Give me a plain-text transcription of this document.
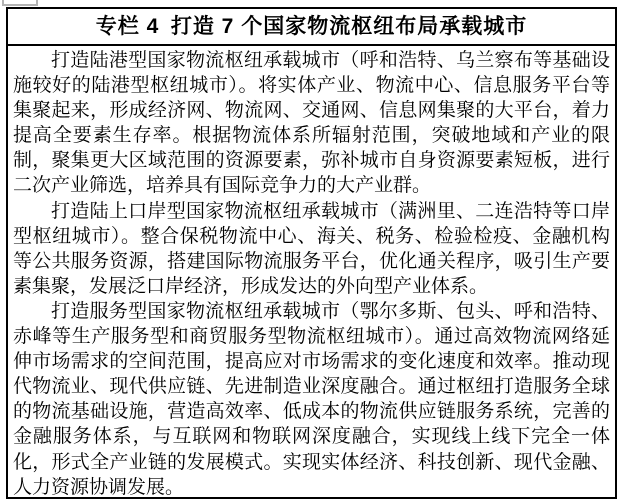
专栏 4 打造 7 个国家物流枢纽布局承载城市

打造陆港型国家物流枢纽承载城市（呼和浩特、乌兰察布等基础设施较好的陆港型枢纽城市）。将实体产业、物流中心、信息服务平台等集聚起来，形成经济网、物流网、交通网、信息网集聚的大平台，着力提高全要素生存率。根据物流体系所辐射范围，突破地域和产业的限制，聚集更大区域范围的资源要素，弥补城市自身资源要素短板，进行二次产业筛选，培养具有国际竞争力的大产业群。

打造陆上口岸型国家物流枢纽承载城市（满洲里、二连浩特等口岸型枢纽城市）。整合保税物流中心、海关、税务、检验检疫、金融机构等公共服务资源，搭建国际物流服务平台，优化通关程序，吸引生产要素集聚，发展泛口岸经济，形成发达的外向型产业体系。

打造服务型国家物流枢纽承载城市（鄂尔多斯、包头、呼和浩特、赤峰等生产服务型和商贸服务型物流枢纽城市）。通过高效物流网络延伸市场需求的空间范围，提高应对市场需求的变化速度和效率。推动现代物流业、现代供应链、先进制造业深度融合。通过枢纽打造服务全球的物流基础设施，营造高效率、低成本的物流供应链服务系统，完善的金融服务体系，与互联网和物联网深度融合，实现线上线下完全一体化，形式全产业链的发展模式。实现实体经济、科技创新、现代金融、人力资源协调发展。
